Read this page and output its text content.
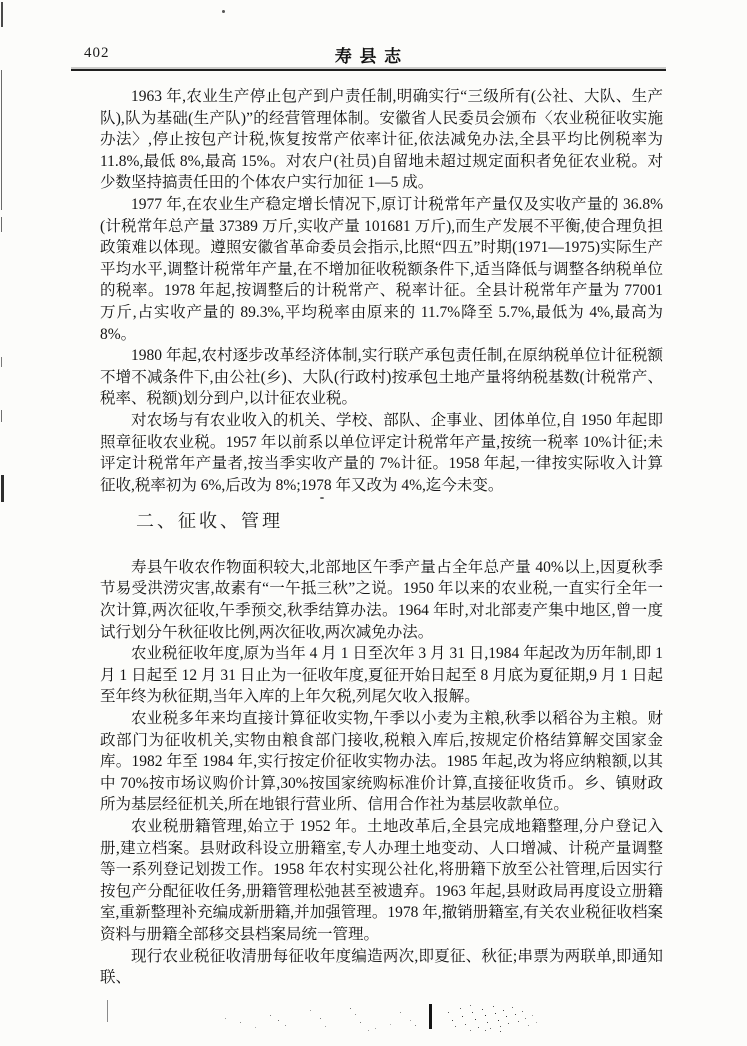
402	寿县志

1963 年,农业生产停止包产到户责任制,明确实行“三级所有(公社、大队、生产队),队为基础(生产队)”的经营管理体制。安徽省人民委员会颁布〈农业税征收实施办法〉,停止按包产计税,恢复按常产依率计征,依法减免办法,全县平均比例税率为 11.8%,最低 8%,最高 15%。对农户(社员)自留地未超过规定面积者免征农业税。对少数坚持搞责任田的个体农户实行加征 1—5 成。

1977 年,在农业生产稳定增长情况下,原订计税常年产量仅及实收产量的 36.8%(计税常年总产量 37389 万斤,实收产量 101681 万斤),而生产发展不平衡,使合理负担政策难以体现。遵照安徽省革命委员会指示,比照“四五”时期(1971—1975)实际生产平均水平,调整计税常年产量,在不增加征收税额条件下,适当降低与调整各纳税单位的税率。1978 年起,按调整后的计税常产、税率计征。全县计税常年产量为 77001 万斤,占实收产量的 89.3%,平均税率由原来的 11.7%降至 5.7%,最低为 4%,最高为 8%。

1980 年起,农村逐步改革经济体制,实行联产承包责任制,在原纳税单位计征税额不增不减条件下,由公社(乡)、大队(行政村)按承包土地产量将纳税基数(计税常产、税率、税额)划分到户,以计征农业税。

对农场与有农业收入的机关、学校、部队、企事业、团体单位,自 1950 年起即照章征收农业税。1957 年以前系以单位评定计税常年产量,按统一税率 10%计征;未评定计税常年产量者,按当季实收产量的 7%计征。1958 年起,一律按实际收入计算征收,税率初为 6%,后改为 8%;1978 年又改为 4%,迄今未变。

二、征收、管理

寿县午收农作物面积较大,北部地区午季产量占全年总产量 40%以上,因夏秋季节易受洪涝灾害,故素有“一午抵三秋”之说。1950 年以来的农业税,一直实行全年一次计算,两次征收,午季预交,秋季结算办法。1964 年时,对北部麦产集中地区,曾一度试行划分午秋征收比例,两次征收,两次减免办法。

农业税征收年度,原为当年 4 月 1 日至次年 3 月 31 日,1984 年起改为历年制,即 1 月 1 日起至 12 月 31 日止为一征收年度,夏征开始日起至 8 月底为夏征期,9 月 1 日起至年终为秋征期,当年入库的上年欠税,列尾欠收入报解。

农业税多年来均直接计算征收实物,午季以小麦为主粮,秋季以稻谷为主粮。财政部门为征收机关,实物由粮食部门接收,税粮入库后,按规定价格结算解交国家金库。1982 年至 1984 年,实行按定价征收实物办法。1985 年起,改为将应纳粮额,以其中 70%按市场议购价计算,30%按国家统购标准价计算,直接征收货币。乡、镇财政所为基层经征机关,所在地银行营业所、信用合作社为基层收款单位。

农业税册籍管理,始立于 1952 年。土地改革后,全县完成地籍整理,分户登记入册,建立档案。县财政科设立册籍室,专人办理土地变动、人口增减、计税产量调整等一系列登记划拨工作。1958 年农村实现公社化,将册籍下放至公社管理,后因实行按包产分配征收任务,册籍管理松弛甚至被遗弃。1963 年起,县财政局再度设立册籍室,重新整理补充编成新册籍,并加强管理。1978 年,撤销册籍室,有关农业税征收档案资料与册籍全部移交县档案局统一管理。

现行农业税征收清册每征收年度编造两次,即夏征、秋征;串票为两联单,即通知联、
